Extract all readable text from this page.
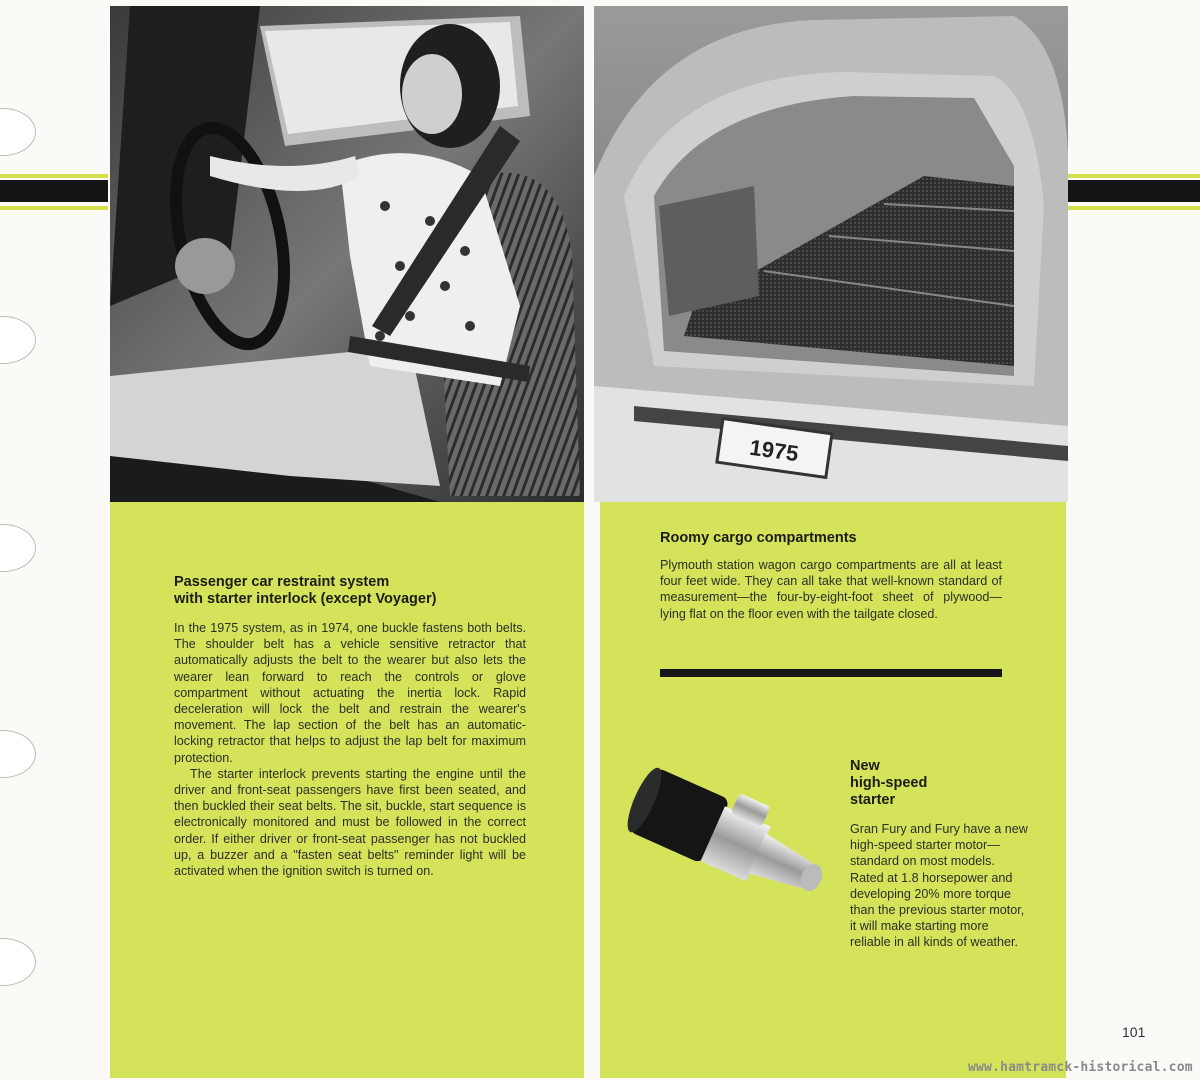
1975
Passenger car restraint system
with starter interlock (except Voyager)

In the 1975 system, as in 1974, one buckle fastens both belts. The shoulder belt has a vehicle sensitive retractor that automatically adjusts the belt to the wearer but also lets the wearer lean forward to reach the controls or glove compartment without actuating the inertia lock. Rapid deceleration will lock the belt and restrain the wearer's movement. The lap section of the belt has an automatic-locking retractor that helps to adjust the lap belt for maximum protection.

The starter interlock prevents starting the engine until the driver and front-seat passengers have first been seated, and then buckled their seat belts. The sit, buckle, start sequence is electronically monitored and must be followed in the correct order. If either driver or front-seat passenger has not buckled up, a buzzer and a "fasten seat belts" reminder light will be activated when the ignition switch is turned on.

Roomy cargo compartments

Plymouth station wagon cargo compartments are all at least four feet wide. They can all take that well-known standard of measurement—the four-by-eight-foot sheet of plywood—lying flat on the floor even with the tailgate closed.

New
high-speed
starter

Gran Fury and Fury have a new high-speed starter motor—standard on most models. Rated at 1.8 horsepower and developing 20% more torque than the previous starter motor, it will make starting more reliable in all kinds of weather.

101
www.hamtramck-historical.com
